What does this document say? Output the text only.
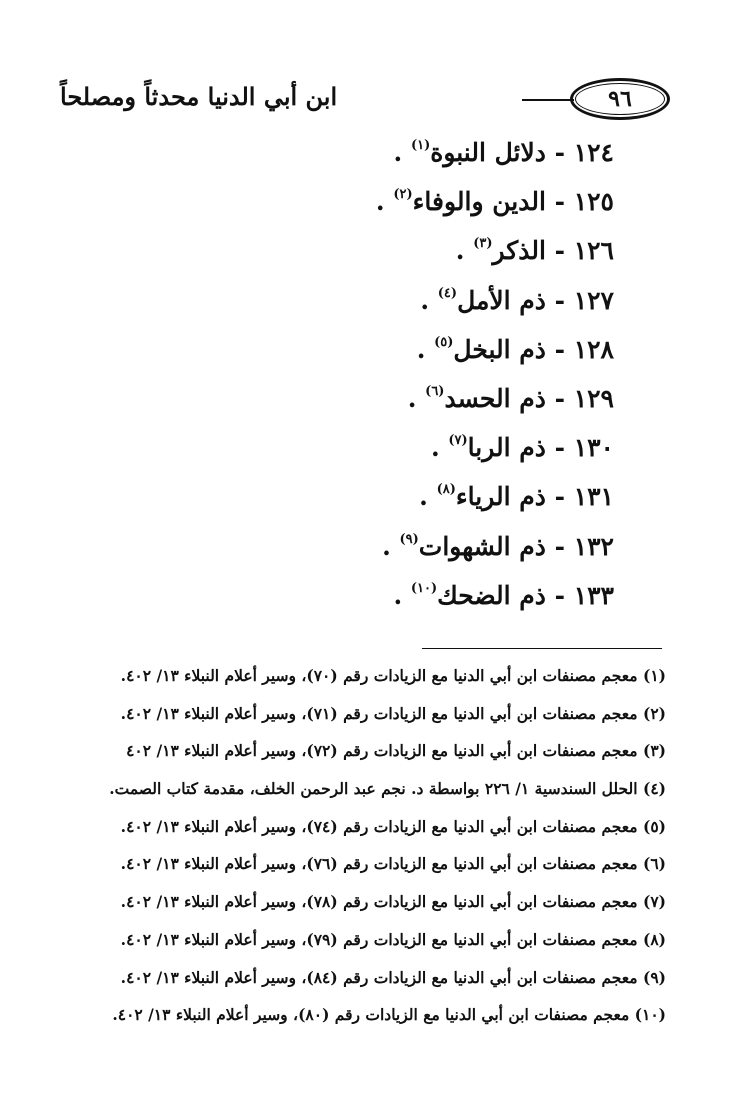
٩٦
ابن أبي الدنيا محدثاً ومصلحاً
١٢٤ - دلائل النبوة$^{(١)}$ .
١٢٥ - الدين والوفاء$^{(٢)}$ .
١٢٦ - الذكر$^{(٣)}$ .
١٢٧ - ذم الأمل$^{(٤)}$ .
١٢٨ - ذم البخل$^{(٥)}$ .
١٢٩ - ذم الحسد$^{(٦)}$ .
١٣٠ - ذم الربا$^{(٧)}$ .
١٣١ - ذم الرياء$^{(٨)}$ .
١٣٢ - ذم الشهوات$^{(٩)}$ .
١٣٣ - ذم الضحك$^{(١٠)}$ .
(١) معجم مصنفات ابن أبي الدنيا مع الزيادات رقم (٧٠)، وسير أعلام النبلاء ١٣/ ٤٠٢.
(٢) معجم مصنفات ابن أبي الدنيا مع الزيادات رقم (٧١)، وسير أعلام النبلاء ١٣/ ٤٠٢.
(٣) معجم مصنفات ابن أبي الدنيا مع الزيادات رقم (٧٢)، وسير أعلام النبلاء ١٣/ ٤٠٢
(٤) الحلل السندسية ١/ ٢٢٦ بواسطة د. نجم عبد الرحمن الخلف، مقدمة كتاب الصمت.
(٥) معجم مصنفات ابن أبي الدنيا مع الزيادات رقم (٧٤)، وسير أعلام النبلاء ١٣/ ٤٠٢.
(٦) معجم مصنفات ابن أبي الدنيا مع الزيادات رقم (٧٦)، وسير أعلام النبلاء ١٣/ ٤٠٢.
(٧) معجم مصنفات ابن أبي الدنيا مع الزيادات رقم (٧٨)، وسير أعلام النبلاء ١٣/ ٤٠٢.
(٨) معجم مصنفات ابن أبي الدنيا مع الزيادات رقم (٧٩)، وسير أعلام النبلاء ١٣/ ٤٠٢.
(٩) معجم مصنفات ابن أبي الدنيا مع الزيادات رقم (٨٤)، وسير أعلام النبلاء ١٣/ ٤٠٢.
(١٠) معجم مصنفات ابن أبي الدنيا مع الزيادات رقم (٨٠)، وسير أعلام النبلاء ١٣/ ٤٠٢.
